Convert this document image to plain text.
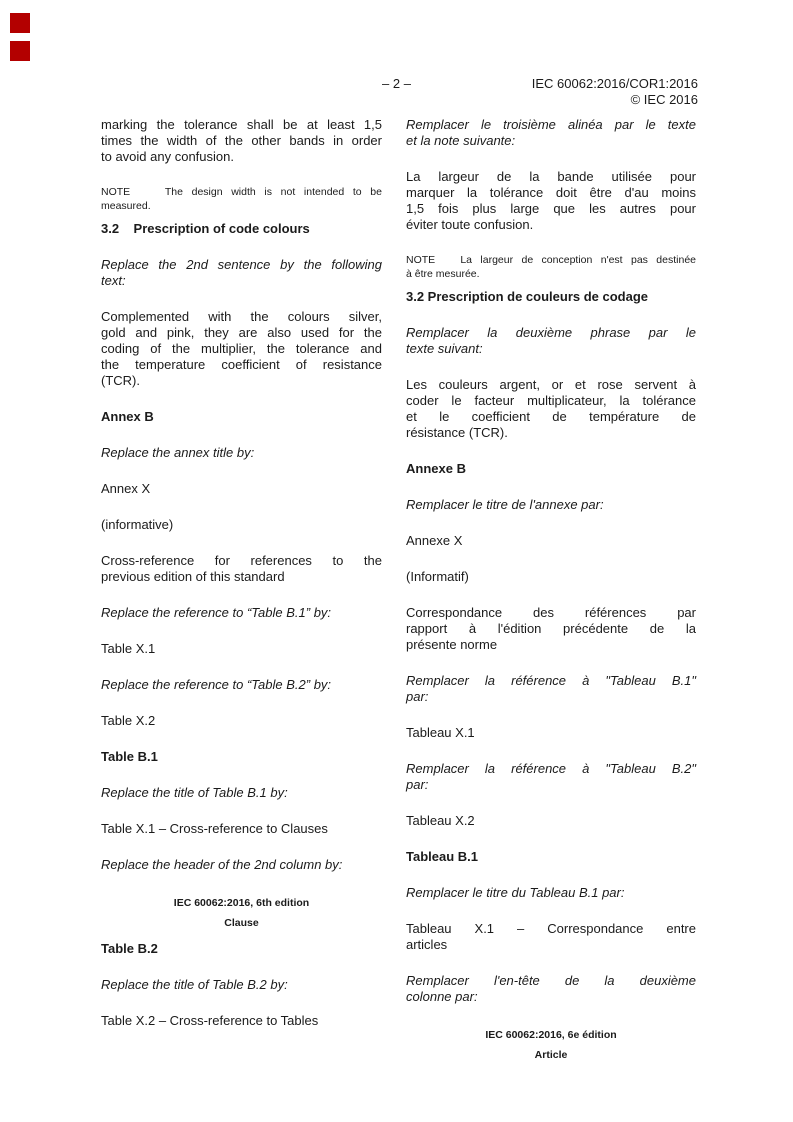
– 2 –	IEC 60062:2016/COR1:2016
© IEC 2016
marking the tolerance shall be at least 1,5
times the width of the other bands in order
to avoid any confusion.
NOTE    The design width is not intended to be
measured.
3.2    Prescription of code colours
Replace the 2nd sentence by the following
text:
Complemented with the colours silver,
gold and pink, they are also used for the
coding of the multiplier, the tolerance and
the temperature coefficient of resistance
(TCR).
Annex B
Replace the annex title by:
Annex X
(informative)
Cross-reference for references to the
previous edition of this standard
Replace the reference to “Table B.1” by:
Table X.1
Replace the reference to “Table B.2” by:
Table X.2
Table B.1
Replace the title of Table B.1 by:
Table X.1 – Cross-reference to Clauses
Replace the header of the 2nd column by:
IEC 60062:2016, 6th edition
Clause
Table B.2
Replace the title of Table B.2 by:
Table X.2 – Cross-reference to Tables
Remplacer le troisième alinéa par le texte
et la note suivante:
La largeur de la bande utilisée pour
marquer la tolérance doit être d'au moins
1,5 fois plus large que les autres pour
éviter toute confusion.
NOTE   La largeur de conception n'est pas destinée
à être mesurée.
3.2 Prescription de couleurs de codage
Remplacer la deuxième phrase par le
texte suivant:
Les couleurs argent, or et rose servent à
coder le facteur multiplicateur, la tolérance
et le coefficient de température de
résistance (TCR).
Annexe B
Remplacer le titre de l'annexe par:
Annexe X
(Informatif)
Correspondance des références par
rapport à l'édition précédente de la
présente norme
Remplacer la référence à "Tableau B.1"
par:
Tableau X.1
Remplacer la référence à "Tableau B.2"
par:
Tableau X.2
Tableau B.1
Remplacer le titre du Tableau B.1 par:
Tableau X.1 – Correspondance entre
articles
Remplacer l'en-tête de la deuxième
colonne par:
IEC 60062:2016, 6e édition
Article
